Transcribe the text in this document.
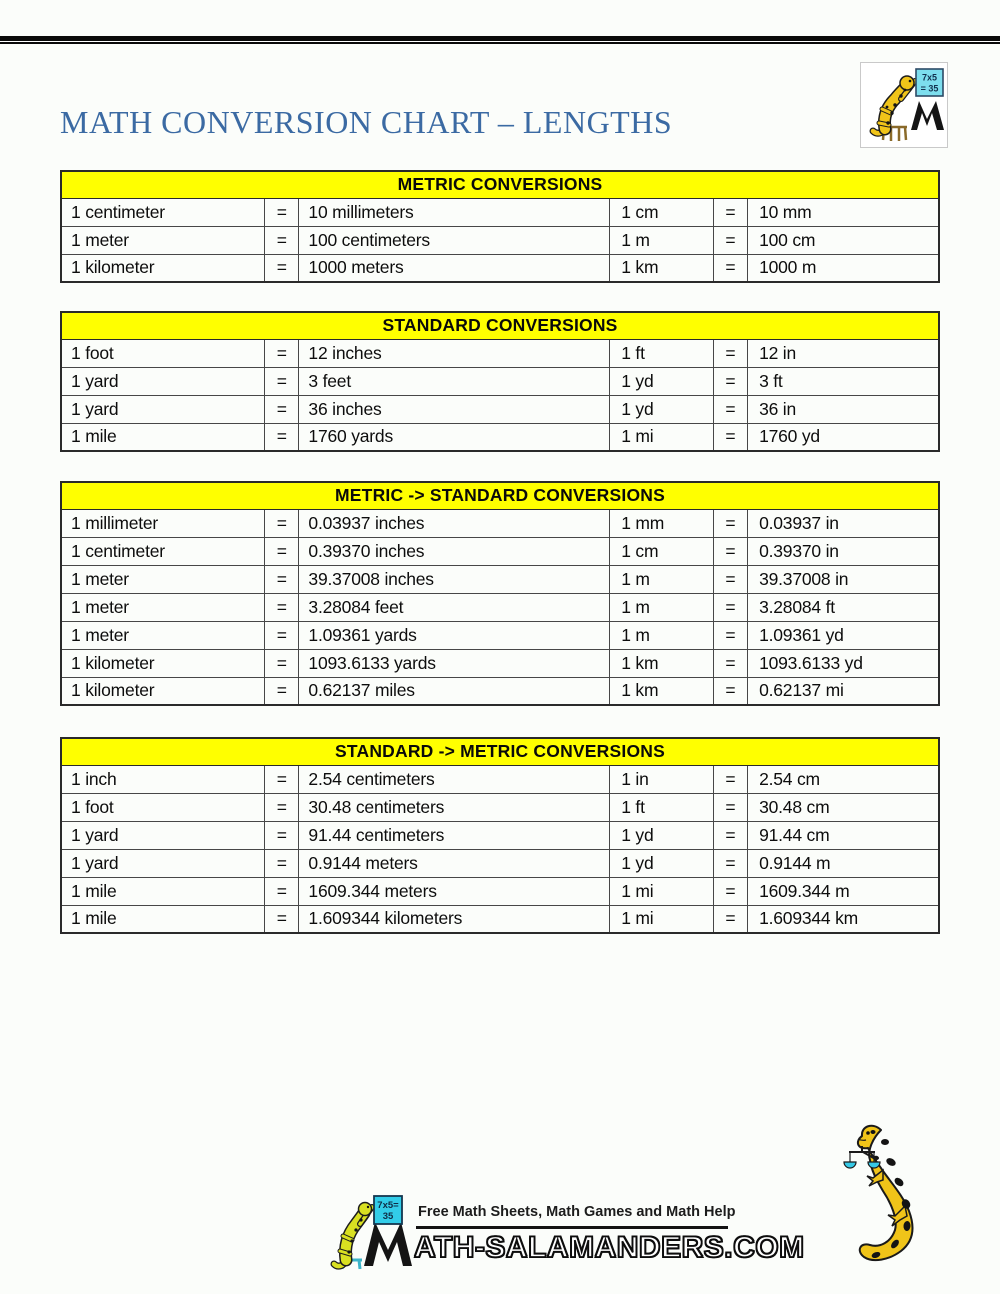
MATH CONVERSION CHART – LENGTHS
7x5
= 35
METRIC CONVERSIONS					
1 centimeter	=	10 millimeters	1 cm	=	10 mm
1 meter	=	100 centimeters	1 m	=	100 cm
1 kilometer	=	1000 meters	1 km	=	1000 m
STANDARD CONVERSIONS					
1 foot	=	12 inches	1 ft	=	12 in
1 yard	=	3 feet	1 yd	=	3 ft
1 yard	=	36 inches	1 yd	=	36 in
1 mile	=	1760 yards	1 mi	=	1760 yd
METRIC -> STANDARD CONVERSIONS					
1 millimeter	=	0.03937 inches	1 mm	=	0.03937 in
1 centimeter	=	0.39370 inches	1 cm	=	0.39370 in
1 meter	=	39.37008 inches	1 m	=	39.37008 in
1 meter	=	3.28084 feet	1 m	=	3.28084 ft
1 meter	=	1.09361 yards	1 m	=	1.09361 yd
1 kilometer	=	1093.6133 yards	1 km	=	1093.6133 yd
1 kilometer	=	0.62137 miles	1 km	=	0.62137 mi
STANDARD -> METRIC CONVERSIONS					
1 inch	=	2.54 centimeters	1 in	=	2.54 cm
1 foot	=	30.48 centimeters	1 ft	=	30.48 cm
1 yard	=	91.44 centimeters	1 yd	=	91.44 cm
1 yard	=	0.9144 meters	1 yd	=	0.9144 m
1 mile	=	1609.344 meters	1 mi	=	1609.344 m
1 mile	=	1.609344 kilometers	1 mi	=	1.609344 km
7x5=
35 Free Math Sheets, Math Games and Math Help
ATH-SALAMANDERS.COM
